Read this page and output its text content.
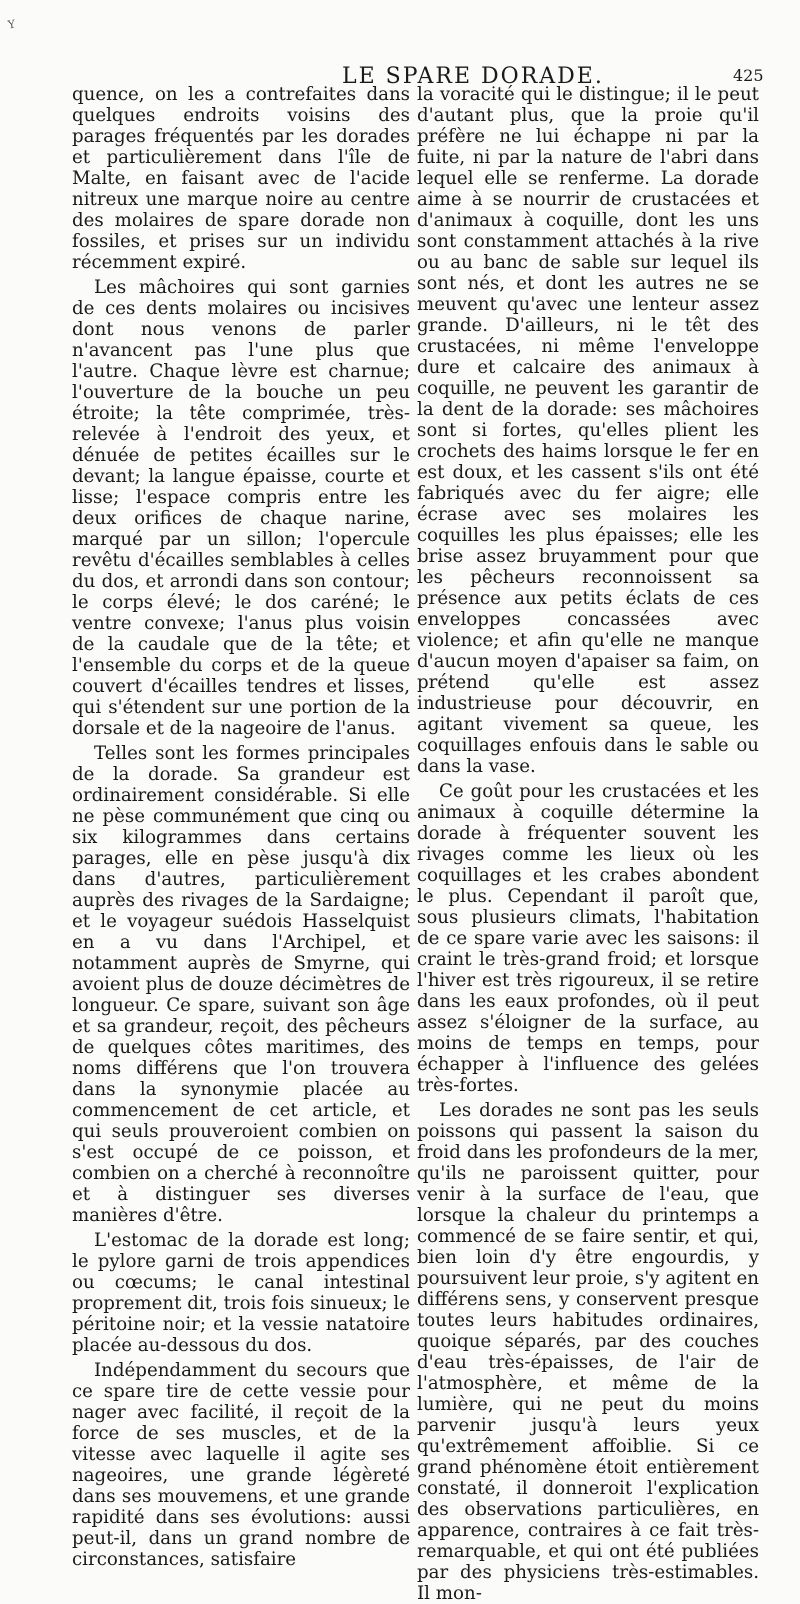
Y
LE SPARE DORADE.	425

quence, on les a contrefaites dans quelques endroits voisins des parages fréquentés par les dorades et particulièrement dans l'île de Malte, en faisant avec de l'acide nitreux une marque noire au centre des molaires de spare dorade non fossiles, et prises sur un individu récemment expiré.

Les mâchoires qui sont garnies de ces dents molaires ou incisives dont nous venons de parler n'avancent pas l'une plus que l'autre. Chaque lèvre est charnue; l'ouverture de la bouche un peu étroite; la tête comprimée, très-relevée à l'endroit des yeux, et dénuée de petites écailles sur le devant; la langue épaisse, courte et lisse; l'espace compris entre les deux orifices de chaque narine, marqué par un sillon; l'opercule revêtu d'écailles semblables à celles du dos, et arrondi dans son contour; le corps élevé; le dos caréné; le ventre convexe; l'anus plus voisin de la caudale que de la tête; et l'ensemble du corps et de la queue couvert d'écailles tendres et lisses, qui s'étendent sur une portion de la dorsale et de la nageoire de l'anus.

Telles sont les formes principales de la dorade. Sa grandeur est ordinairement considérable. Si elle ne pèse communément que cinq ou six kilogrammes dans certains parages, elle en pèse jusqu'à dix dans d'autres, particulièrement auprès des rivages de la Sardaigne; et le voyageur suédois Hasselquist en a vu dans l'Archipel, et notamment auprès de Smyrne, qui avoient plus de douze décimètres de longueur. Ce spare, suivant son âge et sa grandeur, reçoit, des pêcheurs de quelques côtes maritimes, des noms différens que l'on trouvera dans la synonymie placée au commencement de cet article, et qui seuls prouveroient combien on s'est occupé de ce poisson, et combien on a cherché à reconnoître et à distinguer ses diverses manières d'être.

L'estomac de la dorade est long; le pylore garni de trois appendices ou cœcums; le canal intestinal proprement dit, trois fois sinueux; le péritoine noir; et la vessie natatoire placée au-dessous du dos.

Indépendamment du secours que ce spare tire de cette vessie pour nager avec facilité, il reçoit de la force de ses muscles, et de la vitesse avec laquelle il agite ses nageoires, une grande légèreté dans ses mouvemens, et une grande rapidité dans ses évolutions: aussi peut-il, dans un grand nombre de circonstances, satisfaire

la voracité qui le distingue; il le peut d'autant plus, que la proie qu'il préfère ne lui échappe ni par la fuite, ni par la nature de l'abri dans lequel elle se renferme. La dorade aime à se nourrir de crustacées et d'animaux à coquille, dont les uns sont constamment attachés à la rive ou au banc de sable sur lequel ils sont nés, et dont les autres ne se meuvent qu'avec une lenteur assez grande. D'ailleurs, ni le têt des crustacées, ni même l'enveloppe dure et calcaire des animaux à coquille, ne peuvent les garantir de la dent de la dorade: ses mâchoires sont si fortes, qu'elles plient les crochets des haims lorsque le fer en est doux, et les cassent s'ils ont été fabriqués avec du fer aigre; elle écrase avec ses molaires les coquilles les plus épaisses; elle les brise assez bruyamment pour que les pêcheurs reconnoissent sa présence aux petits éclats de ces enveloppes concassées avec violence; et afin qu'elle ne manque d'aucun moyen d'apaiser sa faim, on prétend qu'elle est assez industrieuse pour découvrir, en agitant vivement sa queue, les coquillages enfouis dans le sable ou dans la vase.

Ce goût pour les crustacées et les animaux à coquille détermine la dorade à fréquenter souvent les rivages comme les lieux où les coquillages et les crabes abondent le plus. Cependant il paroît que, sous plusieurs climats, l'habitation de ce spare varie avec les saisons: il craint le très-grand froid; et lorsque l'hiver est très rigoureux, il se retire dans les eaux profondes, où il peut assez s'éloigner de la surface, au moins de temps en temps, pour échapper à l'influence des gelées très-fortes.

Les dorades ne sont pas les seuls poissons qui passent la saison du froid dans les profondeurs de la mer, qu'ils ne paroissent quitter, pour venir à la surface de l'eau, que lorsque la chaleur du printemps a commencé de se faire sentir, et qui, bien loin d'y être engourdis, y poursuivent leur proie, s'y agitent en différens sens, y conservent presque toutes leurs habitudes ordinaires, quoique séparés, par des couches d'eau très-épaisses, de l'air de l'atmosphère, et même de la lumière, qui ne peut du moins parvenir jusqu'à leurs yeux qu'extrêmement affoiblie. Si ce grand phénomène étoit entièrement constaté, il donneroit l'explication des observations particulières, en apparence, contraires à ce fait très-remarquable, et qui ont été publiées par des physiciens très-estimables. Il mon-
